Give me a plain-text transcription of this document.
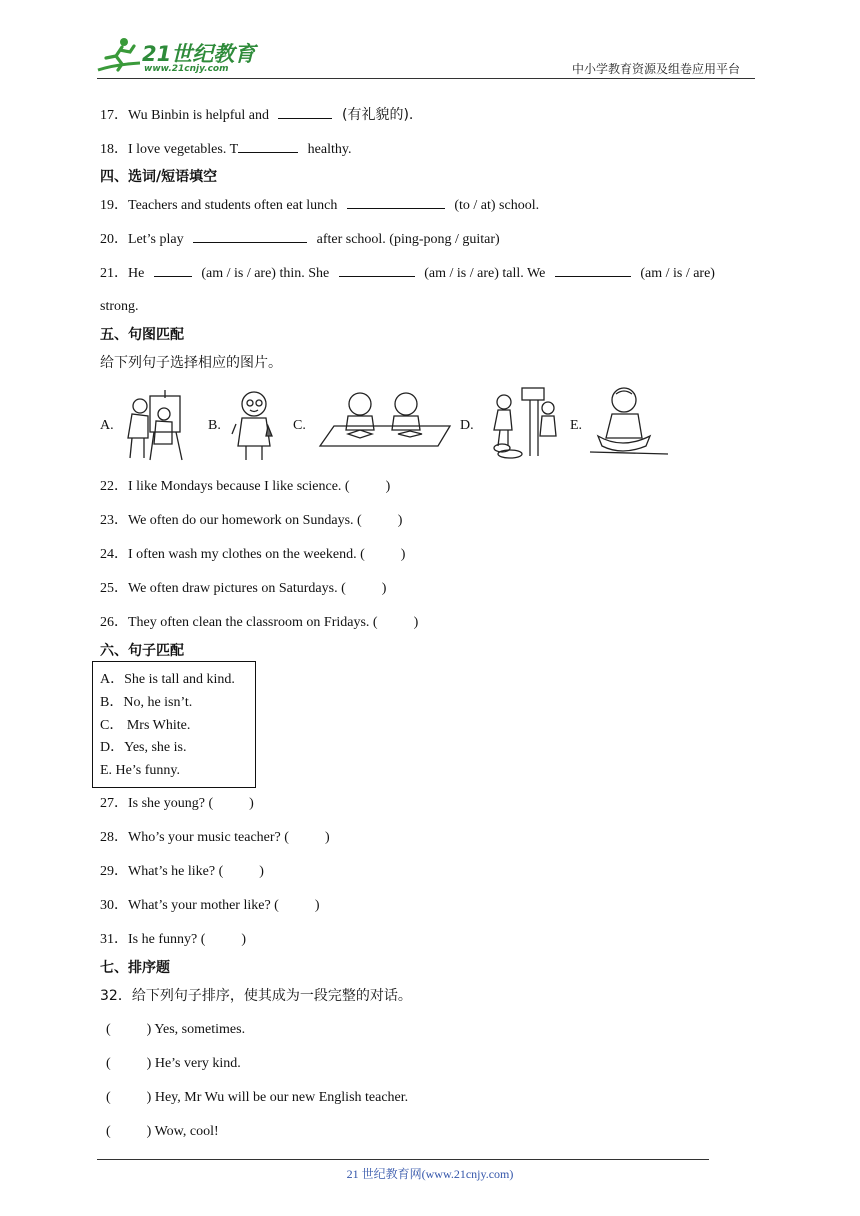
21世纪教育
www.21cnjy.com	中小学教育资源及组卷应用平台
17．Wu Binbin is helpful and	(有礼貌的).
18．I love vegetables. T	healthy.
四、选词/短语填空
19．Teachers and students often eat lunch	(to / at) school.
20．Let’s play	after school. (ping-pong / guitar)
21．He	(am / is / are) thin. She	(am / is / are) tall. We	(am / is / are)
strong.
五、句图匹配
给下列句子选择相应的图片。
A.	B.	C.	D.	E.
22．I like Mondays because I like science. (	)
23．We often do our homework on Sundays. (	)
24．I often wash my clothes on the weekend. (	)
25．We often draw pictures on Saturdays. (	)
26．They often clean the classroom on Fridays. (	)
六、句子匹配
A．She is tall and kind.
B．No, he isn’t.
C． Mrs White.
D．Yes, she is.
E. He’s funny.
27．Is she young? (	)
28．Who’s your music teacher? (	)
29．What’s he like? (	)
30．What’s your mother like? (	)
31．Is he funny? (	)
七、排序题
32．给下列句子排序，使其成为一段完整的对话。
(	) Yes, sometimes.
(	) He’s very kind.
(	) Hey, Mr Wu will be our new English teacher.
(	) Wow, cool!
21 世纪教育网(www.21cnjy.com)
